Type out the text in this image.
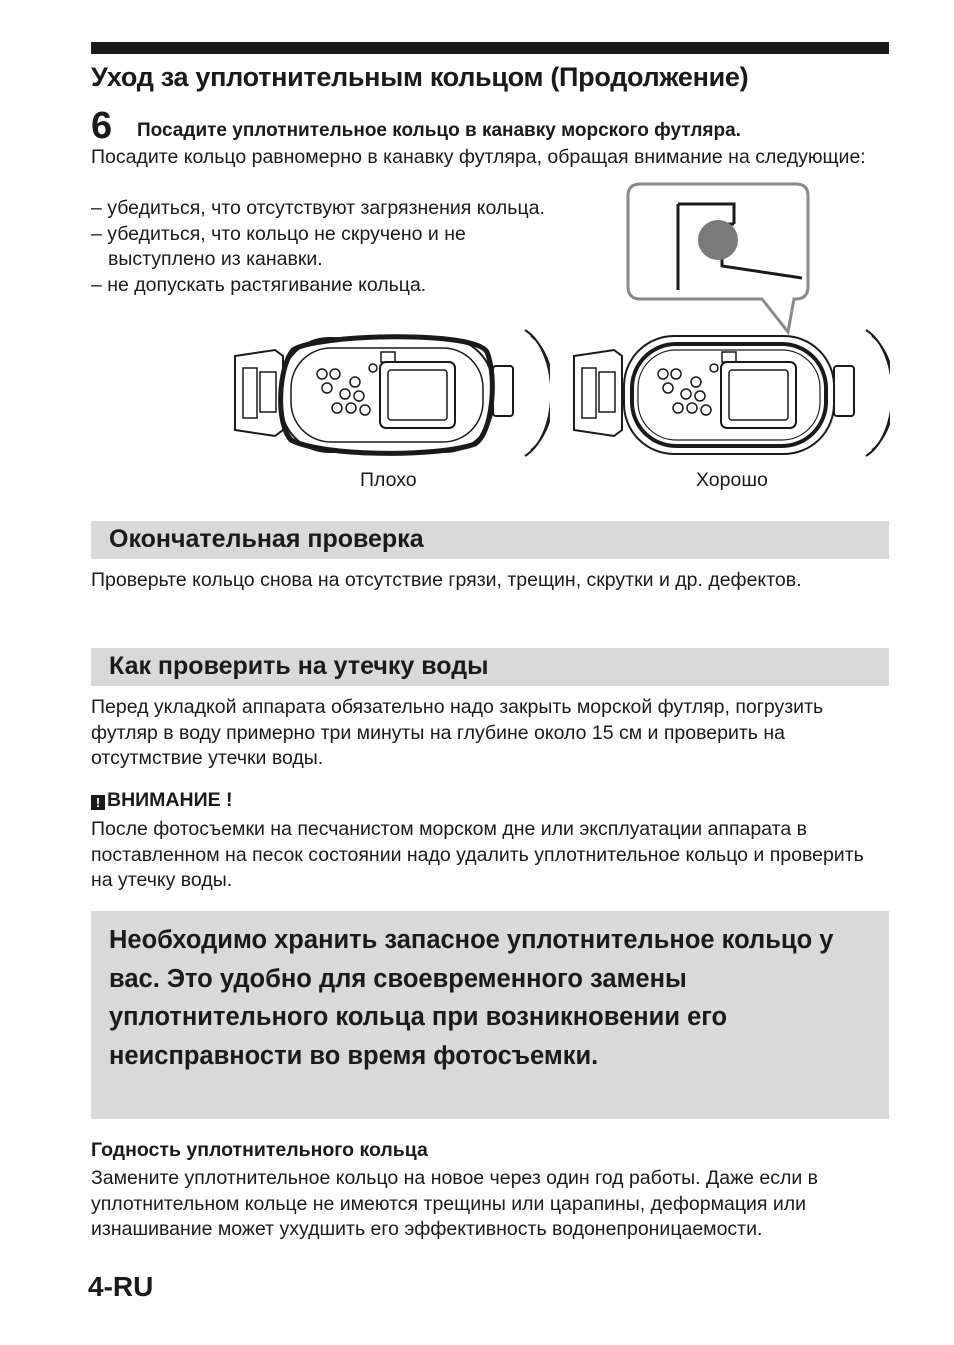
Уход за уплотнительным кольцом (Продолжение)
6 Посадите уплотнительное кольцо в канавку морского футляра.
Посадите кольцо равномерно в канавку футляра, обращая внимание на следующие:
– убедиться, что отсутствуют загрязнения кольца.
– убедиться, что кольцо не скручено и не
выступлено из канавки.
– не допускать растягивание кольца.
Плохо	Хорошо
Окончательная проверка
Проверьте кольцо снова на отсутствие грязи, трещин, скрутки и др. дефектов.
Как проверить на утечку воды
Перед укладкой аппарата обязательно надо закрыть морской футляр, погрузить футляр в воду примерно три минуты на глубине около 15 см и проверить на отсутмствие утечки воды.
! ВНИМАНИЕ !
После фотосъемки на песчанистом морском дне или эксплуатации аппарата в поставленном на песок состоянии надо удалить уплотнительное кольцо и проверить на утечку воды.
Необходимо хранить запасное уплотнительное кольцо у вас. Это удобно для своевременного замены уплотнительного кольца при возникновении его неисправности во время фотосъемки.
Годность уплотнительного кольца
Замените уплотнительное кольцо на новое через один год работы. Даже если в уплотнительном кольце не имеются трещины или царапины, деформация или изнашивание может ухудшить его эффективность водонепроницаемости.
4-RU
